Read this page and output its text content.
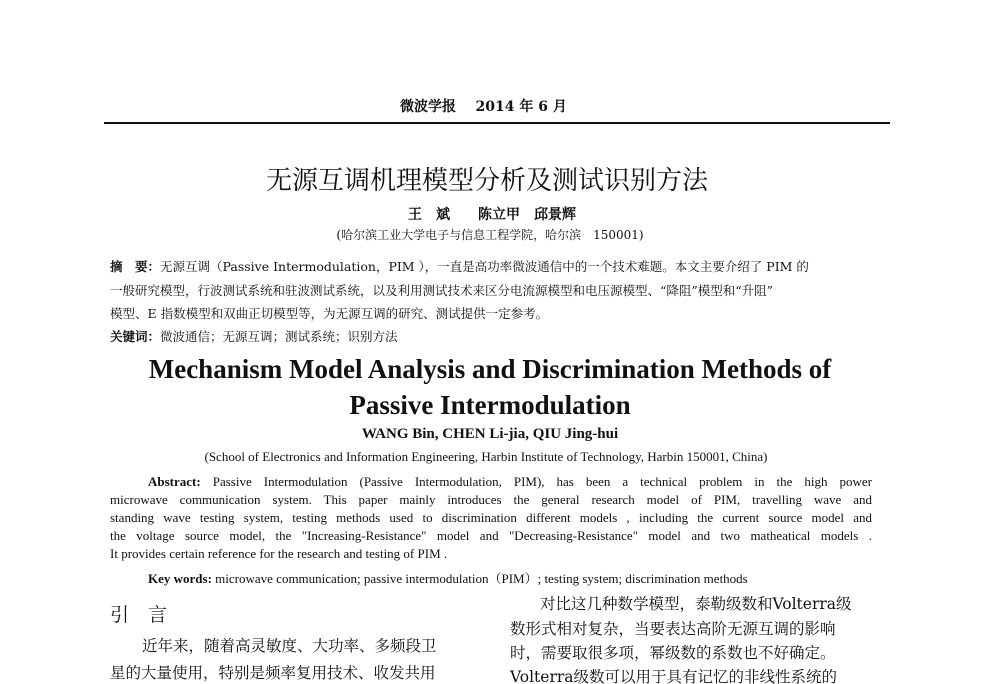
微波学报 2014 年 6 月
无源互调机理模型分析及测试识别方法
王　斌　　陈立甲　邱景辉
(哈尔滨工业大学电子与信息工程学院，哈尔滨　150001)
摘　要：无源互调（Passive Intermodulation，PIM ），一直是高功率微波通信中的一个技术难题。本文主要介绍了 PIM 的
一般研究模型，行波测试系统和驻波测试系统，以及利用测试技术来区分电流源模型和电压源模型、“降阻”模型和“升阻”
模型、E 指数模型和双曲正切模型等，为无源互调的研究、测试提供一定参考。
关键词：微波通信；无源互调；测试系统；识别方法
Mechanism Model Analysis and Discrimination Methods of
Passive Intermodulation
WANG Bin, CHEN Li-jia, QIU Jing-hui
(School of Electronics and Information Engineering, Harbin Institute of Technology, Harbin 150001, China)
Abstract: Passive Intermodulation (Passive Intermodulation, PIM), has been a technical problem in the high power
microwave communication system. This paper mainly introduces the general research model of PIM, travelling wave and
standing wave testing system, testing methods used to discrimination different models , including the current source model and
the voltage source model, the "Increasing-Resistance" model and "Decreasing-Resistance" model and two matheatical models .
It provides certain reference for the research and testing of PIM .
Key words: microwave communication; passive intermodulation（PIM）; testing system; discrimination methods
引　言
近年来，随着高灵敏度、大功率、多频段卫
星的大量使用，特别是频率复用技术、收发共用
对比这几种数学模型，泰勒级数和Volterra级
数形式相对复杂，当要表达高阶无源互调的影响
时，需要取很多项，幂级数的系数也不好确定。
Volterra级数可以用于具有记忆的非线性系统的
